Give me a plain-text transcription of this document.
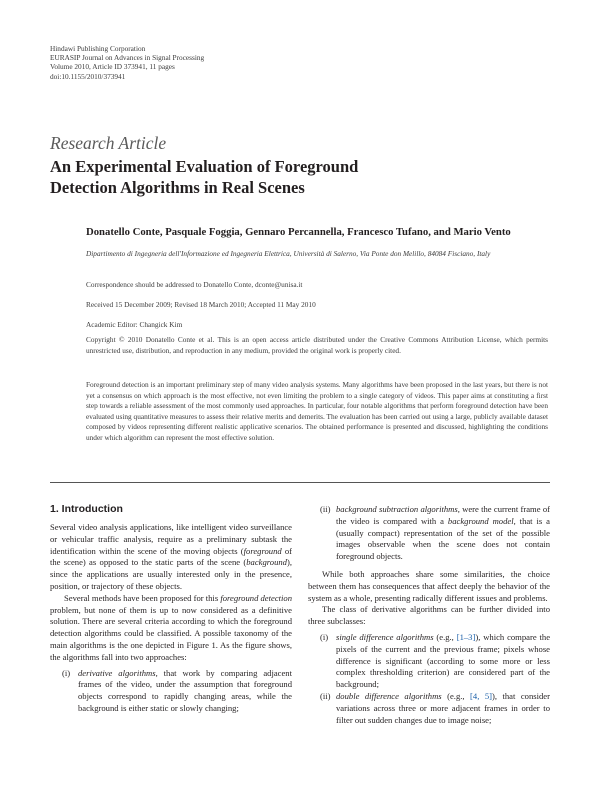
Hindawi Publishing Corporation
EURASIP Journal on Advances in Signal Processing
Volume 2010, Article ID 373941, 11 pages
doi:10.1155/2010/373941
Research Article
An Experimental Evaluation of Foreground
Detection Algorithms in Real Scenes
Donatello Conte, Pasquale Foggia, Gennaro Percannella, Francesco Tufano, and Mario Vento
Dipartimento di Ingegneria dell'Informazione ed Ingegneria Elettrica, Università di Salerno, Via Ponte don Melillo, 84084 Fisciano, Italy
Correspondence should be addressed to Donatello Conte, dconte@unisa.it
Received 15 December 2009; Revised 18 March 2010; Accepted 11 May 2010
Academic Editor: Changick Kim
Copyright © 2010 Donatello Conte et al. This is an open access article distributed under the Creative Commons Attribution License, which permits unrestricted use, distribution, and reproduction in any medium, provided the original work is properly cited.
Foreground detection is an important preliminary step of many video analysis systems. Many algorithms have been proposed in the last years, but there is not yet a consensus on which approach is the most effective, not even limiting the problem to a single category of videos. This paper aims at constituting a first step towards a reliable assessment of the most commonly used approaches. In particular, four notable algorithms that perform foreground detection have been evaluated using quantitative measures to assess their relative merits and demerits. The evaluation has been carried out using a large, publicly available dataset composed by videos representing different realistic applicative scenarios. The obtained performance is presented and discussed, highlighting the conditions under which algorithm can represent the most effective solution.
1. Introduction

Several video analysis applications, like intelligent video surveillance or vehicular traffic analysis, require as a preliminary subtask the identification within the scene of the moving objects (foreground of the scene) as opposed to the static parts of the scene (background), since the applications are usually interested only in the presence, position, or trajectory of these objects.

Several methods have been proposed for this foreground detection problem, but none of them is up to now considered as a definitive solution. There are several criteria according to which the foreground detection algorithms could be classified. A possible taxonomy of the main algorithms is the one depicted in Figure 1. As the figure shows, the algorithms fall into two approaches:

(i) derivative algorithms, that work by comparing adjacent frames of the video, under the assumption that foreground objects correspond to rapidly changing areas, while the background is either static or slowly changing;

(ii) background subtraction algorithms, were the current frame of the video is compared with a background model, that is a (usually compact) representation of the set of the possible images observable when the scene does not contain foreground objects.

While both approaches share some similarities, the choice between them has consequences that affect deeply the behavior of the system as a whole, presenting radically different issues and problems.

The class of derivative algorithms can be further divided into three subclasses:

(i) single difference algorithms (e.g., [1–3]), which compare the pixels of the current and the previous frame; pixels whose difference is significant (according to some more or less complex thresholding criterion) are considered part of the background;

(ii) double difference algorithms (e.g., [4, 5]), that consider variations across three or more adjacent frames in order to filter out sudden changes due to image noise;
